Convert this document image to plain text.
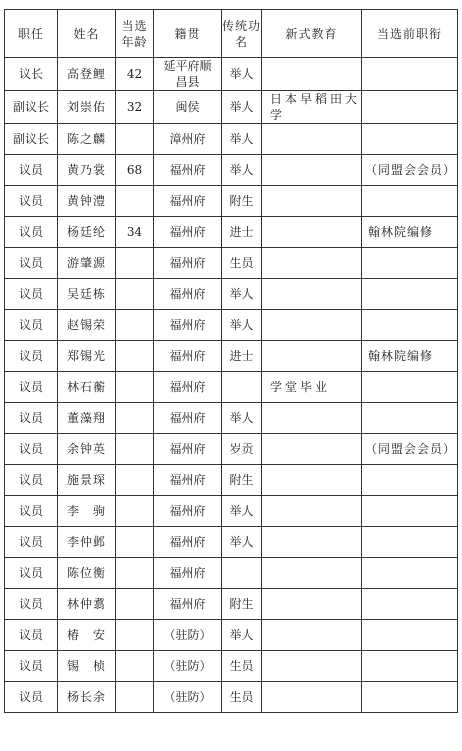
职任	姓名	当选年龄	籍贯	传统功名	新式教育	当选前职衔
议长	高登鲤	42	延平府顺昌县	举人		
副议长	刘崇佑	32	闽侯	举人	日本早稻田大学	
副议长	陈之麟		漳州府	举人		
议员	黄乃裳	68	福州府	举人		（同盟会会员）
议员	黄钟澧		福州府	附生		
议员	杨廷纶	34	福州府	进士		翰林院编修
议员	游肇源		福州府	生员		
议员	吴廷栋		福州府	举人		
议员	赵锡荣		福州府	举人		
议员	郑锡光		福州府	进士		翰林院编修
议员	林石蘅		福州府		学堂毕业	
议员	董藻翔		福州府	举人		
议员	余钟英		福州府	岁贡		（同盟会会员）
议员	施景琛		福州府	附生		
议员	李　驹		福州府	举人		
议员	李仲邺		福州府	举人		
议员	陈位衡		福州府			
议员	林仲翥		福州府	附生		
议员	椿　安		（驻防）	举人		
议员	锡　桢		（驻防）	生员		
议员	杨长余		（驻防）	生员		
